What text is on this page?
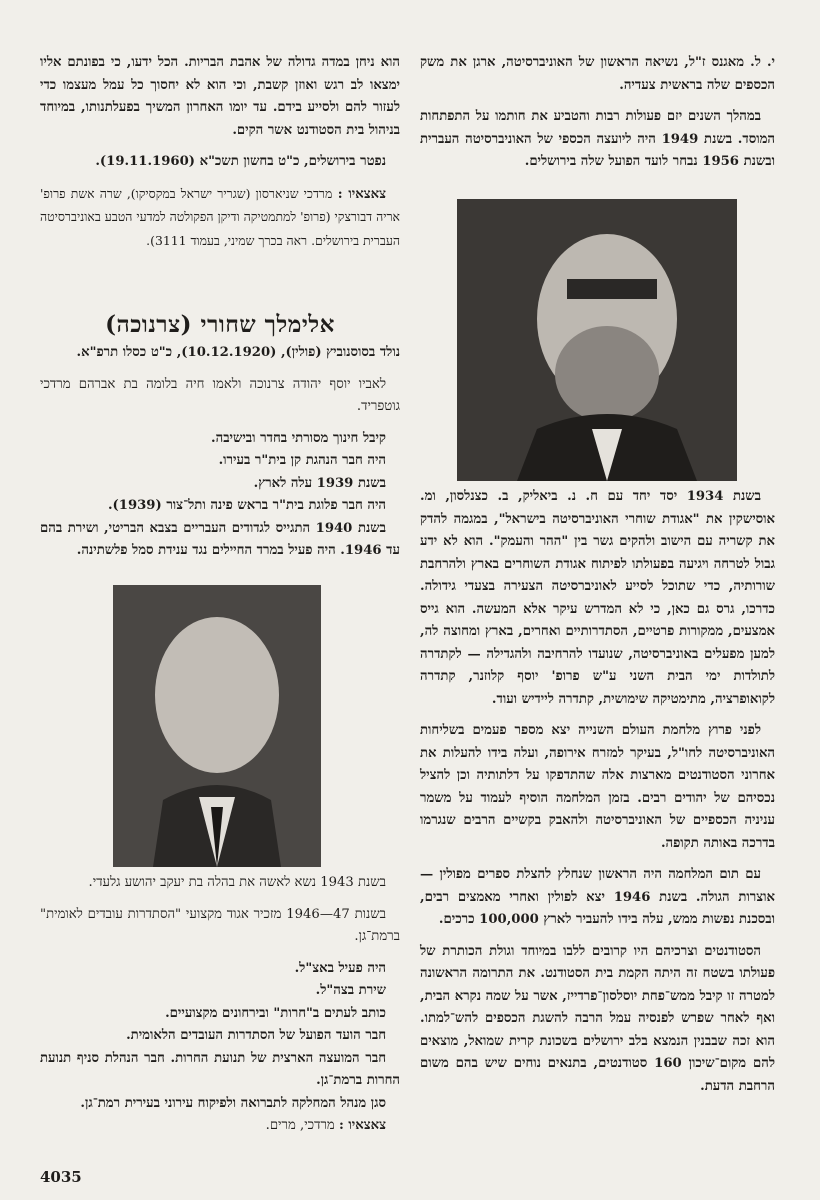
י. ל. מאגנס ז"ל, נשיאה הראשון של האוניברסיטה, ארגן את משק הכספים שלה בראשית צעדיה.

במהלך השנים יזם פעולות רבות והטביע את חותמו על התפתחות המוסד. בשנת 1949 היה ליועצה הכספי של האוניברסיטה העברית ובשנת 1956 נבחר לועד הפועל שלה בירושלים.

בשנת 1934 יסד יחד עם ח. נ. ביאליק, ב. כצנלסון, ומ. אוסישקין את "אגודת שוחרי האוניברסיטה בישראל", במגמה להדק את קשריה עם הישוב ולהקים גשר בין "ההר והעמק". הוא לא ידע גבול לטרחה ויגיעה בפעולתו לפיתוח אגודת השוחרים בארץ ולהרחבת שורותיה, כדי שתוכל לסייע לאוניברסיטה הצעירה בצעדי גידולה. כדרכו, גרס גם כאן, כי לא המדרש עיקר אלא המעשה. הוא גייס אמצעים, ממקורות פרטיים, הסתדרותיים ואחרים, בארץ ומחוצה לה, למען מפעלים באוניברסיטה, שנועדו להרחיבה ולהגדילה — לקתדרה לתולדות ימי הבית השני ע"ש פרופ' יוסף קלוזנר, קתדרה לקואופרציה, מתימטיקה שימושית, קתדרה ליידיש ועוד.

לפני פרוץ מלחמת העולם השנייה יצא מספר פעמים בשליחות האוניברסיטה לחו"ל, בעיקר למזרח אירופה, ועלה בידו להעלות את אחרוני הסטודנטים מארצות אלה שהתדפקו על דלתותיה וכן להציל נכסיהם של יהודים רבים. בזמן המלחמה הוסיף לעמוד על משמר עניניה הכספיים של האוניברסיטה ולהאבק בקשיים הרבים שנגרמו בדרכה באותה תקופה.

עם תום המלחמה היה הראשון שנחלץ להצלת ספרים מפולין — אוצרות הגולה. בשנת 1946 יצא לפולין ואחרי מאמצים רבים, ובסכנת נפשות ממש, עלה בידו להעביר לארץ 100,000 כרכים.

הסטודנטים וצרכיהם היו קרובים ללבו במיוחד וגולת הכותרת של פעולתו בשטח זה היתה הקמת בית הסטודנט. את התרומה הראשונה למטרה זו קיבל ממש־פחת יוסלסון־פרדייז, אשר על שמה נקרא הבית, ואף לאחר שפרש לפנסיה עמל הרבה להשגת הכספים להש־למתו. הוא זכה שבבנין הנמצא בלב ירושלים בשכונת קרית שמואל, מוצאים להם מקום־שיכון 160 סטודנטים, בתנאים נוחים שיש בהם משום הרחבת הדעת.

הוא ניחן במדה גדולה של אהבת הבריות. הכל ידעו, כי בפונתם אליו ימצאו לב רגש ואוזן קשבת, וכי הוא לא יחסוך כל עמל מעצמו כדי לעזור להם ולסייע בידם. עד יומו האחרון המשיך בפעלתנותו, במיוחד בניהול בית הסטודנט אשר הקים.

נפטר בירושלים, כ"ט בחשון תשכ"א (19.11.1960).

צאצאיו : מרדכי שניארסון (שגריר ישראל במקסיקו), שרה אשת פרופ' אריה דבורצקי (פרופ' למתמטיקה ודיקן הפקולטה למדעי הטבע באוניברסיטה העברית בירושלים. ראה בכרך שמיני, בעמוד 3111).

אלימלך שחורי (צרנוכה)

נולד בסוסנוביץ (פולין), (10.12.1920), כ"ט כסלו תרפ"א.

לאביו יוסף יהודה צרנוכה ולאמו חיה בלומה בת אברהם מרדכי גוטפריד.

קיבל חינוך מסורתי בחדר ובישיבה.

היה חבר הנהגת קן בית"ר בעירו.

בשנת 1939 עלה לארץ.

היה חבר פלוגת בית"ר בראש פינה ותל־צור (1939).

בשנת 1940 התגייס לגדודים העבריים בצבא הבריטי, ושירת בהם עד 1946. היה פעיל במרד החיילים נגד ענידת סמל פלשתינה.

בשנת 1943 נשא לאשה את בהלה בת יעקב יהושע גלעדי.

בשנות 47—1946 מזכיר אגוד מקצועי "הסתדרות עובדים לאומית" ברמת־גן.

היה פעיל באצ"ל.

שירת בצה"ל.

כותב לעתים ב"חרות" ובירחונים מקצועיים.

חבר הועד הפועל של הסתדרות העובדים הלאומית.

חבר המועצה הארצית של תנועת החרות. חבר הנהלת סניף תנועת החרות ברמת־גן.

סגן מנהל המחלקה לתברואה ולפיקוח עירוני בעירית רמת־גן.

צאצאיו : מרדכי, מרים.

4035
